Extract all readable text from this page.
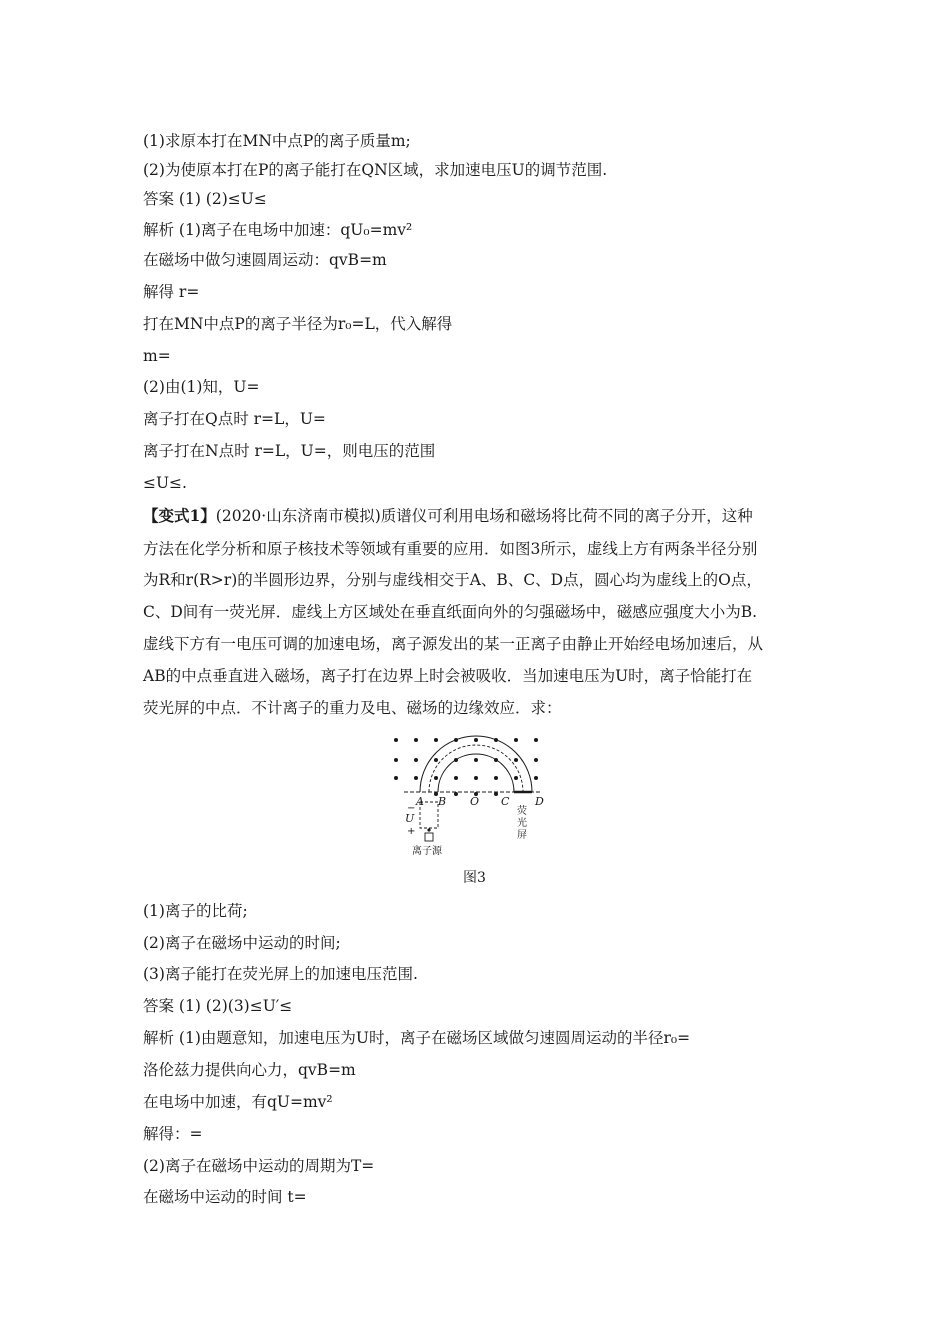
(1)求原本打在MN中点P的离子质量m;
(2)为使原本打在P的离子能打在QN区域，求加速电压U的调节范围.
答案 (1) (2)≤U≤
解析 (1)离子在电场中加速：qU₀=mv²
在磁场中做匀速圆周运动：qvB=m
解得 r=
打在MN中点P的离子半径为r₀=L，代入解得
m=
(2)由(1)知，U=
离子打在Q点时 r=L，U=
离子打在N点时 r=L，U=，则电压的范围
≤U≤.
【变式1】(2020·山东济南市模拟)质谱仪可利用电场和磁场将比荷不同的离子分开，这种
方法在化学分析和原子核技术等领域有重要的应用．如图3所示，虚线上方有两条半径分别
为R和r(R>r)的半圆形边界，分别与虚线相交于A、B、C、D点，圆心均为虚线上的O点，
C、D间有一荧光屏．虚线上方区域处在垂直纸面向外的匀强磁场中，磁感应强度大小为B.
虚线下方有一电压可调的加速电场，离子源发出的某一正离子由静止开始经电场加速后，从
AB的中点垂直进入磁场，离子打在边界上时会被吸收．当加速电压为U时，离子恰能打在
荧光屏的中点．不计离子的重力及电、磁场的边缘效应．求：
A B O C D
U
−
+
荧
光
屏
离子源
图3
(1)离子的比荷;
(2)离子在磁场中运动的时间;
(3)离子能打在荧光屏上的加速电压范围.
答案 (1) (2)(3)≤U′≤
解析 (1)由题意知，加速电压为U时，离子在磁场区域做匀速圆周运动的半径r₀=
洛伦兹力提供向心力，qvB=m
在电场中加速，有qU=mv²
解得：=
(2)离子在磁场中运动的周期为T=
在磁场中运动的时间 t=
